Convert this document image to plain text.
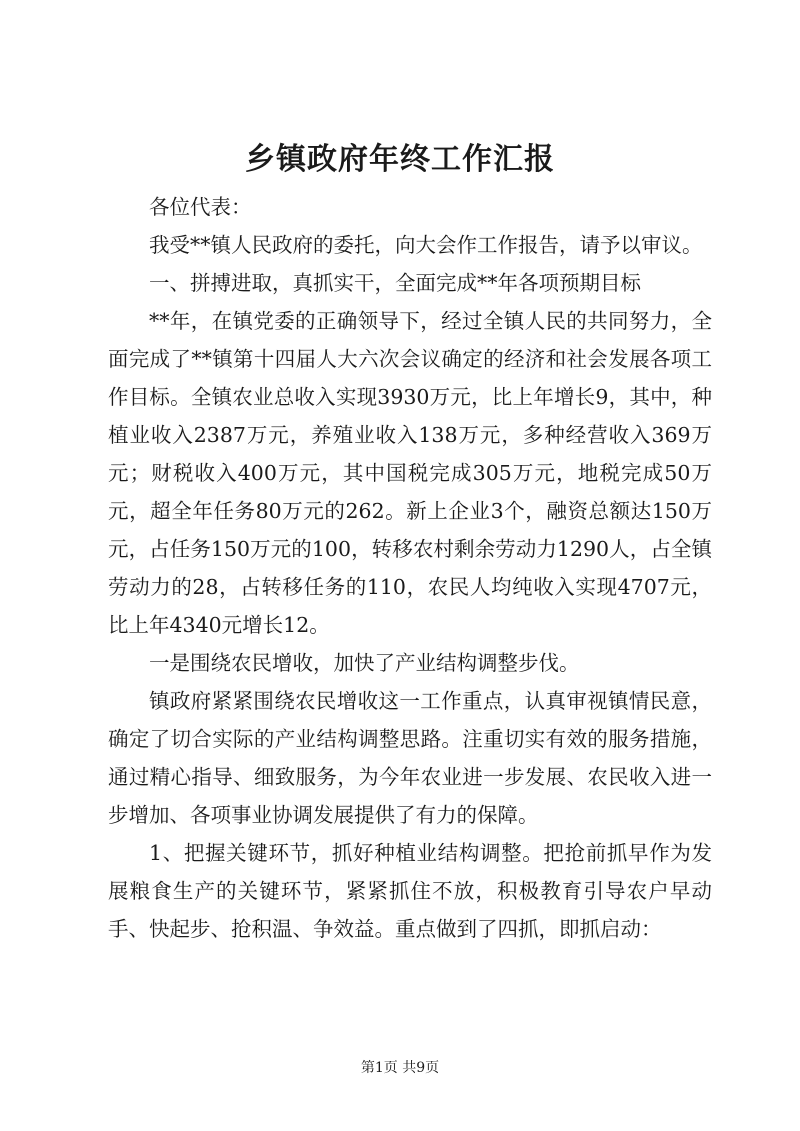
乡镇政府年终工作汇报

各位代表：

我受**镇人民政府的委托，向大会作工作报告，请予以审议。

一、拼搏进取，真抓实干，全面完成**年各项预期目标

**年，在镇党委的正确领导下，经过全镇人民的共同努力，全面完成了**镇第十四届人大六次会议确定的经济和社会发展各项工作目标。全镇农业总收入实现3930万元，比上年增长9，其中，种植业收入2387万元，养殖业收入138万元，多种经营收入369万元；财税收入400万元，其中国税完成305万元，地税完成50万元，超全年任务80万元的262。新上企业3个，融资总额达150万元，占任务150万元的100，转移农村剩余劳动力1290人，占全镇劳动力的28，占转移任务的110，农民人均纯收入实现4707元，比上年4340元增长12。

一是围绕农民增收，加快了产业结构调整步伐。

镇政府紧紧围绕农民增收这一工作重点，认真审视镇情民意，确定了切合实际的产业结构调整思路。注重切实有效的服务措施，通过精心指导、细致服务，为今年农业进一步发展、农民收入进一步增加、各项事业协调发展提供了有力的保障。

1、把握关键环节，抓好种植业结构调整。把抢前抓早作为发展粮食生产的关键环节，紧紧抓住不放，积极教育引导农户早动手、快起步、抢积温、争效益。重点做到了四抓，即抓启动：

第1页 共9页
